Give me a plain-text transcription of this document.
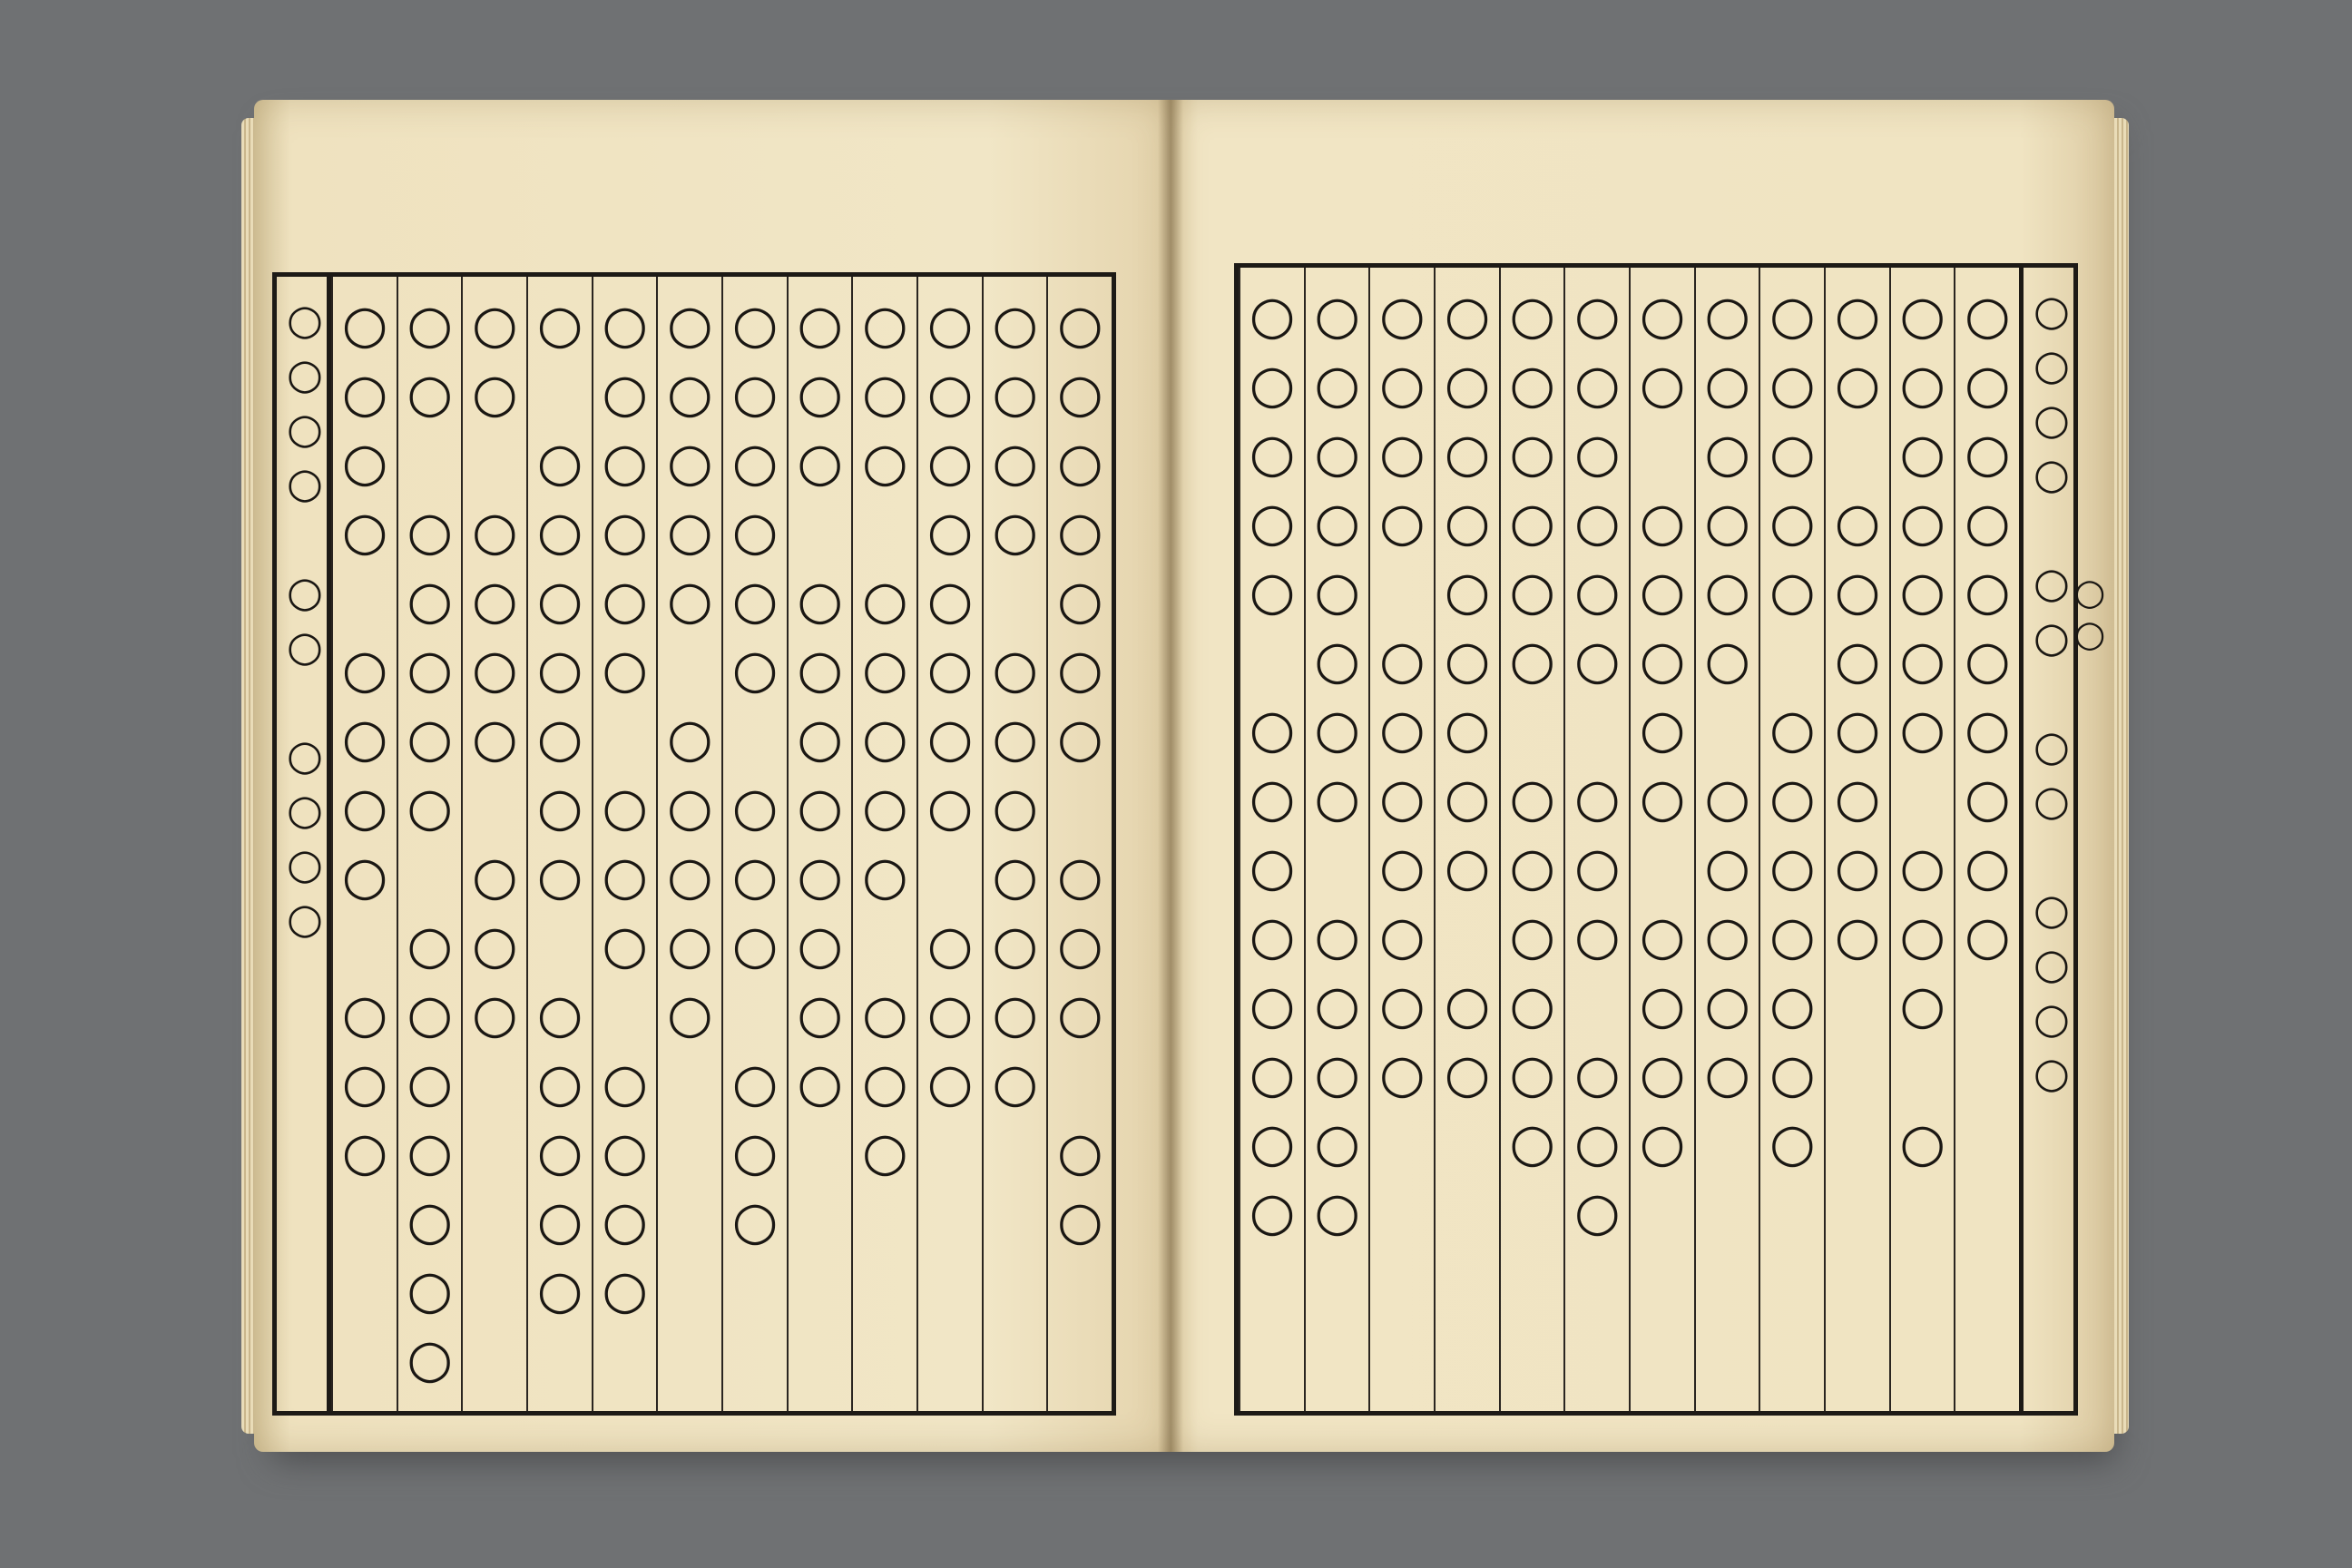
○○○○ ○○ ○○○○ ○○○○ ○○○○ ○○○ ○○ ○○○○○ ○○○○○○○ ○○ ○○○○ ○○○ ○ ○○○○○○○ ○○○○○ ○○○○○○ ○○○ ○○○○ ○○○○○ ○○○○○ ○○○○○○ ○○○ ○○○ ○○○ ○○○○○○○○ ○○○ ○○○○○ ○○○ ○○○○○○○○ ○○○ ○○○○ ○○○○○○○ ○○○○○○○ ○○○ ○○	○○○○ ○○ ○○ ○○○○
○○○○○ ○○○○○○○○ ○○○○○○○○ ○○○○○ ○○○○ ○○○○○○○ ○○○○○○○○○ ○○ ○○○○○○ ○○○○○○ ○○○○○○ ○○○ ○○○ ○○ ○○○○○ ○○○○ ○○○○○○ ○○○○○ ○○○○○ ○○○○○○○ ○○ ○○○○○○○ ○○○○○○○ ○○○ ○ ○○○○○○○○○○ ○○
